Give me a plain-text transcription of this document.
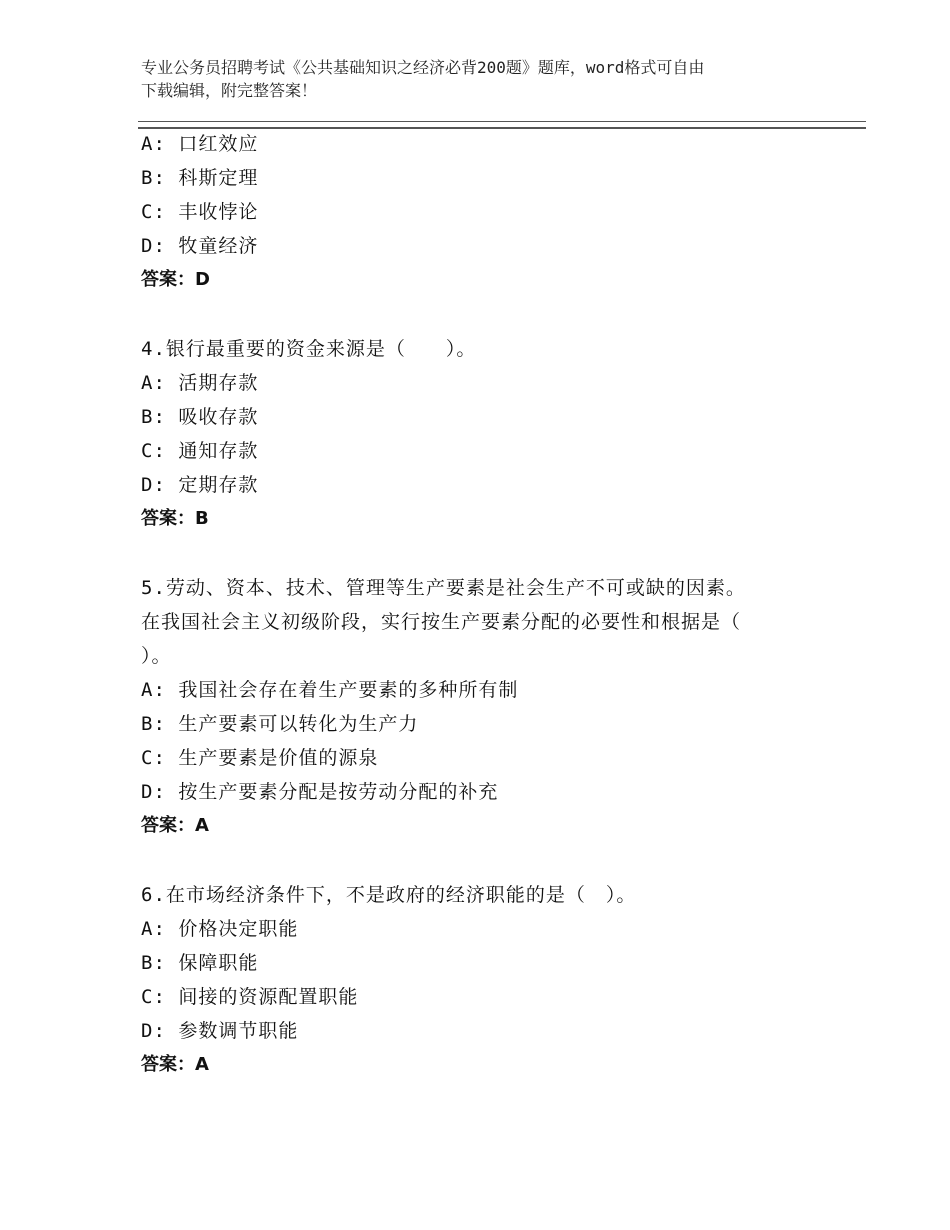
专业公务员招聘考试《公共基础知识之经济必背200题》题库，word格式可自由
下载编辑，附完整答案！

A: 口红效应

B: 科斯定理

C: 丰收悖论

D: 牧童经济

答案：D

4.银行最重要的资金来源是（　　）。

A: 活期存款

B: 吸收存款

C: 通知存款

D: 定期存款

答案：B

5.劳动、资本、技术、管理等生产要素是社会生产不可或缺的因素。

在我国社会主义初级阶段，实行按生产要素分配的必要性和根据是（

）。

A: 我国社会存在着生产要素的多种所有制

B: 生产要素可以转化为生产力

C: 生产要素是价值的源泉

D: 按生产要素分配是按劳动分配的补充

答案：A

6.在市场经济条件下，不是政府的经济职能的是（　）。

A: 价格决定职能

B: 保障职能

C: 间接的资源配置职能

D: 参数调节职能

答案：A
